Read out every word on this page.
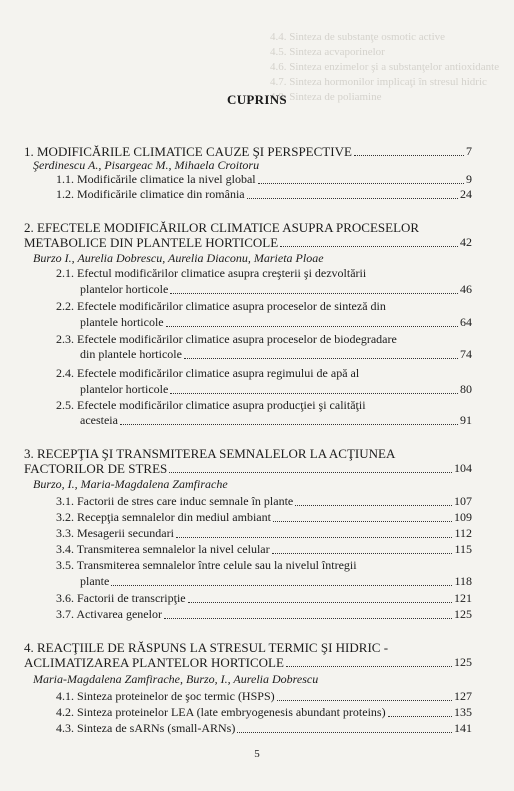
4.4. Sinteza de substanţe osmotic active
4.5. Sinteza acvaporinelor
4.6. Sinteza enzimelor şi a substanţelor antioxidante
4.7. Sinteza hormonilor implicaţi în stresul hidric
4.8. Sinteza de poliamine
CUPRINS
1. MODIFICĂRILE CLIMATICE CAUZE ŞI PERSPECTIVE	7
Şerdinescu A., Pisargeac M., Mihaela Croitoru
1.1. Modificările climatice la nivel global	9
1.2. Modificările climatice din românia	24
2. EFECTELE MODIFICĂRILOR CLIMATICE ASUPRA PROCESELOR
METABOLICE DIN PLANTELE HORTICOLE	42
Burzo I., Aurelia Dobrescu, Aurelia Diaconu, Marieta Ploae
2.1. Efectul modificărilor climatice asupra creşterii şi dezvoltării
plantelor horticole	46
2.2. Efectele modificărilor climatice asupra proceselor de sinteză din
plantele horticole	64
2.3. Efectele modificărilor climatice asupra proceselor de biodegradare
din plantele horticole	74
2.4. Efectele modificărilor climatice asupra regimului de apă al
plantelor horticole	80
2.5. Efectele modificărilor climatice asupra producţiei şi calităţii
acesteia	91
3. RECEPŢIA ŞI TRANSMITEREA SEMNALELOR LA ACŢIUNEA
FACTORILOR DE STRES	104
Burzo, I., Maria-Magdalena Zamfirache
3.1. Factorii de stres care induc semnale în plante	107
3.2. Recepţia semnalelor din mediul ambiant	109
3.3. Mesagerii secundari	112
3.4. Transmiterea semnalelor la nivel celular	115
3.5. Transmiterea semnalelor între celule sau la nivelul întregii
plante	118
3.6. Factorii de transcripţie	121
3.7. Activarea genelor	125
4. REACŢIILE DE RĂSPUNS LA STRESUL TERMIC ŞI HIDRIC -
ACLIMATIZAREA PLANTELOR HORTICOLE	125
Maria-Magdalena Zamfirache, Burzo, I., Aurelia Dobrescu
4.1. Sinteza proteinelor de şoc termic (HSPS)	127
4.2. Sinteza proteinelor LEA (late embryogenesis abundant proteins)	135
4.3. Sinteza de sARNs (small-ARNs)	141
5
